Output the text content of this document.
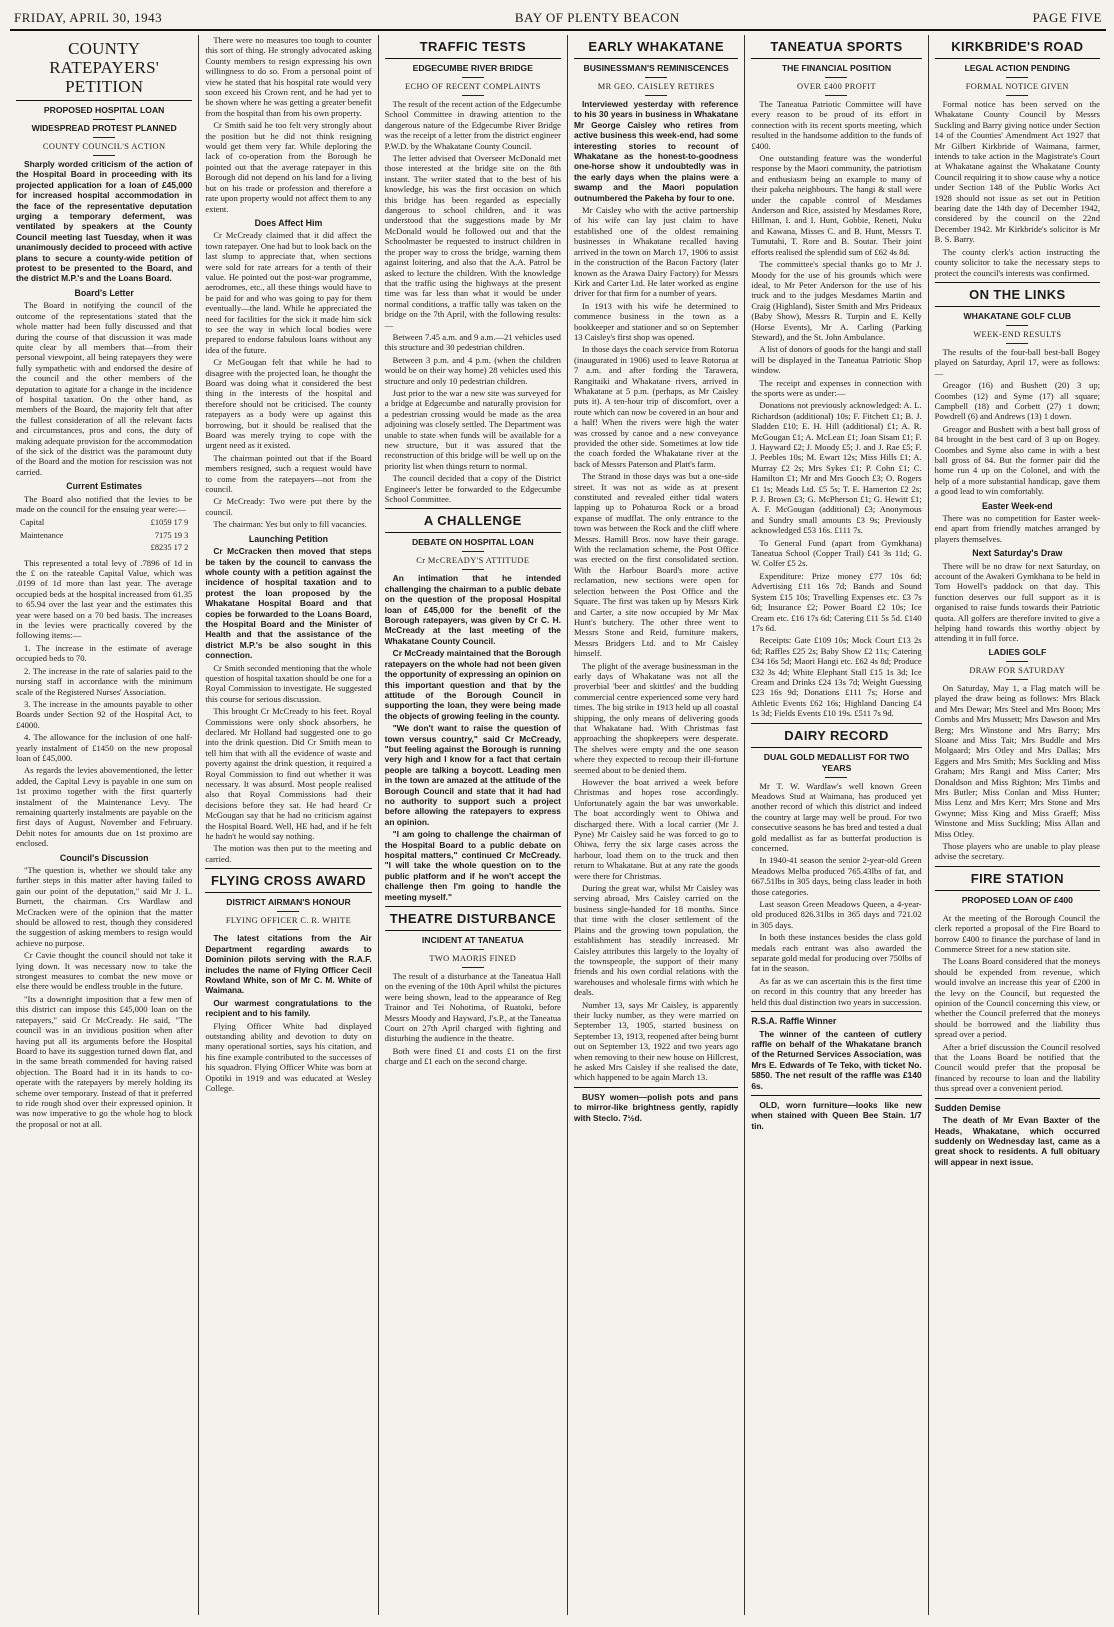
FRIDAY, APRIL 30, 1943	BAY OF PLENTY BEACON	PAGE FIVE
COUNTY RATEPAYERS' PETITION
PROPOSED HOSPITAL LOAN
WIDESPREAD PROTEST PLANNED
COUNTY COUNCIL'S ACTION

Sharply worded criticism of the action of the Hospital Board in proceeding with its projected application for a loan of £45,000 for increased hospital accommodation in the face of the representative deputation urging a temporary deferment, was ventilated by speakers at the County Council meeting last Tuesday, when it was unanimously decided to proceed with active plans to secure a county-wide petition of protest to be presented to the Board, and the district M.P.'s and the Loans Board.

Board's Letter

The Board in notifying the council of the outcome of the representations stated that the whole matter had been fully discussed and that during the course of that discussion it was made quite clear by all members that—from their personal viewpoint, all being ratepayers they were fully sympathetic with and endorsed the desire of the council and the other members of the deputation to agitate for a change in the incidence of hospital taxation. On the other hand, as members of the Board, the majority felt that after the fullest consideration of all the relevant facts and circumstances, pros and cons, the duty of making adequate provision for the accommodation of the sick of the district was the paramount duty of the Board and the motion for rescission was not carried.

Current Estimates

The Board also notified that the levies to be made on the council for the ensuing year were:—

Capital	£1059 17 9
Maintenance	7175 19 3
	£8235 17 2

This represented a total levy of .7896 of 1d in the £ on the rateable Capital Value, which was .0199 of 1d more than last year. The average occupied beds at the hospital increased from 61.35 to 65.94 over the last year and the estimates this year were based on a 70 bed basis. The increases in the levies were practically covered by the following items:—

1. The increase in the estimate of average occupied beds to 70.

2. The increase in the rate of salaries paid to the nursing staff in accordance with the minimum scale of the Registered Nurses' Association.

3. The increase in the amounts payable to other Boards under Section 92 of the Hospital Act, to £4000.

4. The allowance for the inclusion of one half-yearly instalment of £1450 on the new proposal loan of £45,000.

As regards the levies abovementioned, the letter added, the Capital Levy is payable in one sum on 1st proximo together with the first quarterly instalment of the Maintenance Levy. The remaining quarterly instalments are payable on the first days of August, November and February. Debit notes for amounts due on 1st proximo are enclosed.

Council's Discussion

"The question is, whether we should take any further steps in this matter after having failed to gain our point of the deputation," said Mr J. L. Burnett, the chairman. Crs Wardlaw and McCracken were of the opinion that the matter should be allowed to rest, though they considered the suggestion of asking members to resign would achieve no purpose.

Cr Cavie thought the council should not take it lying down. It was necessary now to take the strongest measures to combat the new move or else there would be endless trouble in the future.

"Its a downright imposition that a few men of this district can impose this £45,000 loan on the ratepayers," said Cr McCready. He said, "The council was in an invidious position when after having put all its arguments before the Hospital Board to have its suggestion turned down flat, and in the same breath commended for having raised objection. The Board had it in its hands to co-operate with the ratepayers by merely holding its scheme over temporary. Instead of that it preferred to ride rough shod over their expressed opinion. It was now imperative to go the whole hog to block the proposal or not at all.

There were no measures too tough to counter this sort of thing. He strongly advocated asking County members to resign expressing his own willingness to do so. From a personal point of view he stated that his hospital rate would very soon exceed his Crown rent, and he had yet to be shown where he was getting a greater benefit from the hospital than from his own property.

Cr Smith said he too felt very strongly about the position but he did not think resigning would get them very far. While deploring the lack of co-operation from the Borough he pointed out that the average ratepayer in this Borough did not depend on his land for a living but on his trade or profession and therefore a rate upon property would not affect them to any extent.

Does Affect Him

Cr McCready claimed that it did affect the town ratepayer. One had but to look back on the last slump to appreciate that, when sections were sold for rate arrears for a tenth of their value. He pointed out the post-war programme, aerodromes, etc., all these things would have to be paid for and who was going to pay for them eventually—the land. While he appreciated the need for facilities for the sick it made him sick to see the way in which local bodies were prepared to endorse fabulous loans without any idea of the future.

Cr McGougan felt that while he had to disagree with the projected loan, he thought the Board was doing what it considered the best thing in the interests of the hospital and therefore should not be criticised. The county ratepayers as a body were up against this borrowing, but it should be realised that the Board was merely trying to cope with the urgent need as it existed.

The chairman pointed out that if the Board members resigned, such a request would have to come from the ratepayers—not from the council.

Cr McCready: Two were put there by the council.

The chairman: Yes but only to fill vacancies.

Launching Petition

Cr McCracken then moved that steps be taken by the council to canvass the whole county with a petition against the incidence of hospital taxation and to protest the loan proposed by the Whakatane Hospital Board and that copies be forwarded to the Loans Board, the Hospital Board and the Minister of Health and that the assistance of the district M.P.'s be also sought in this connection.

Cr Smith seconded mentioning that the whole question of hospital taxation should be one for a Royal Commission to investigate. He suggested this course for serious discussion.

This brought Cr McCready to his feet. Royal Commissions were only shock absorbers, he declared. Mr Holland had suggested one to go into the drink question. Did Cr Smith mean to tell him that with all the evidence of waste and poverty against the drink question, it required a Royal Commission to find out whether it was necessary. It was absurd. Most people realised also that Royal Commissions had their decisions before they sat. He had heard Cr McGougan say that he had no criticism against the Hospital Board. Well, HE had, and if he felt he hadn't he would say nothing.

The motion was then put to the meeting and carried.

FLYING CROSS AWARD
DISTRICT AIRMAN'S HONOUR
FLYING OFFICER C. R. WHITE

The latest citations from the Air Department regarding awards to Dominion pilots serving with the R.A.F. includes the name of Flying Officer Cecil Rowland White, son of Mr C. M. White of Waimana.

Our warmest congratulations to the recipient and to his family.

Flying Officer White had displayed outstanding ability and devotion to duty on many operational sorties, says his citation, and his fine example contributed to the successes of his squadron. Flying Officer White was born at Opotiki in 1919 and was educated at Wesley College.

TRAFFIC TESTS
EDGECUMBE RIVER BRIDGE
ECHO OF RECENT COMPLAINTS

The result of the recent action of the Edgecumbe School Committee in drawing attention to the dangerous nature of the Edgecumbe River Bridge was the receipt of a letter from the district engineer P.W.D. by the Whakatane County Council.

The letter advised that Overseer McDonald met those interested at the bridge site on the 8th instant. The writer stated that to the best of his knowledge, his was the first occasion on which this bridge has been regarded as especially dangerous to school children, and it was understood that the suggestions made by Mr McDonald would be followed out and that the Schoolmaster be requested to instruct children in the proper way to cross the bridge, warning them against loitering, and also that the A.A. Patrol be asked to lecture the children. With the knowledge that the traffic using the highways at the present time was far less than what it would be under normal conditions, a traffic tally was taken on the bridge on the 7th April, with the following results:—

Between 7.45 a.m. and 9 a.m.—21 vehicles used this structure and 30 pedestrian children.

Between 3 p.m. and 4 p.m. (when the children would be on their way home) 28 vehicles used this structure and only 10 pedestrian children.

Just prior to the war a new site was surveyed for a bridge at Edgecumbe and naturally provision for a pedestrian crossing would be made as the area adjoining was closely settled. The Department was unable to state when funds will be available for a new structure, but it was assured that the reconstruction of this bridge will be well up on the priority list when things return to normal.

The council decided that a copy of the District Engineer's letter be forwarded to the Edgecumbe School Committee.

A CHALLENGE
DEBATE ON HOSPITAL LOAN
Cr McCREADY'S ATTITUDE

An intimation that he intended challenging the chairman to a public debate on the question of the proposal Hospital loan of £45,000 for the benefit of the Borough ratepayers, was given by Cr C. H. McCready at the last meeting of the Whakatane County Council.

Cr McCready maintained that the Borough ratepayers on the whole had not been given the opportunity of expressing an opinion on this important question and that by the attitude of the Borough Council in supporting the loan, they were being made the objects of growing feeling in the county.

"We don't want to raise the question of town versus country," said Cr McCready, "but feeling against the Borough is running very high and I know for a fact that certain people are talking a boycott. Leading men in the town are amazed at the attitude of the Borough Council and state that it had had no authority to support such a project before allowing the ratepayers to express an opinion.

"I am going to challenge the chairman of the Hospital Board to a public debate on hospital matters," continued Cr McCready. "I will take the whole question on to the public platform and if he won't accept the challenge then I'm going to handle the meeting myself."

THEATRE DISTURBANCE
INCIDENT AT TANEATUA
TWO MAORIS FINED

The result of a disturbance at the Taneatua Hall on the evening of the 10th April whilst the pictures were being shown, lead to the appearance of Reg Trainor and Tei Nohotima, of Ruatoki, before Messrs Moody and Hayward, J's.P., at the Taneatua Court on 27th April charged with fighting and disturbing the audience in the theatre.

Both were fined £1 and costs £1 on the first charge and £1 each on the second charge.

EARLY WHAKATANE
BUSINESSMAN'S REMINISCENCES
MR GEO. CAISLEY RETIRES

Interviewed yesterday with reference to his 30 years in business in Whakatane Mr George Caisley who retires from active business this week-end, had some interesting stories to recount of Whakatane as the honest-to-goodness one-horse show it undoubtedly was in the early days when the plains were a swamp and the Maori population outnumbered the Pakeha by four to one.

Mr Caisley who with the active partnership of his wife can lay just claim to have established one of the oldest remaining businesses in Whakatane recalled having arrived in the town on March 17, 1906 to assist in the construction of the Bacon Factory (later known as the Arawa Dairy Factory) for Messrs Kirk and Carter Ltd. He later worked as engine driver for that firm for a number of years.

In 1913 with his wife he determined to commence business in the town as a bookkeeper and stationer and so on September 13 Caisley's first shop was opened.

In those days the coach service from Rotorua (inaugurated in 1906) used to leave Rotorua at 7 a.m. and after fording the Tarawera, Rangitaiki and Whakatane rivers, arrived in Whakatane at 5 p.m. (perhaps, as Mr Caisley puts it). A ten-hour trip of discomfort, over a route which can now be covered in an hour and a half! When the rivers were high the water was crossed by canoe and a new conveyance provided the other side. Sometimes at low tide the coach forded the Whakatane river at the back of Messrs Paterson and Platt's farm.

The Strand in those days was but a one-side street. It was not as wide as at present constituted and revealed either tidal waters lapping up to Pohaturoa Rock or a broad expanse of mudflat. The only entrance to the town was between the Rock and the cliff where Messrs. Hamill Bros. now have their garage. With the reclamation scheme, the Post Office was erected on the first consolidated section. With the Harbour Board's more active reclamation, new sections were open for selection between the Post Office and the Square. The first was taken up by Messrs Kirk and Carter, a site now occupied by Mr Max Hunt's butchery. The other three went to Messrs Stone and Reid, furniture makers, Messrs Bridgers Ltd. and to Mr Caisley himself.

The plight of the average businessman in the early days of Whakatane was not all the proverbial 'beer and skittles' and the budding commercial centre experienced some very hard times. The big strike in 1913 held up all coastal shipping, the only means of delivering goods that Whakatane had. With Christmas fast approaching the shopkeepers were desperate. The shelves were empty and the one season where they expected to recoup their ill-fortune seemed about to be denied them.

However the boat arrived a week before Christmas and hopes rose accordingly. Unfortunately again the bar was unworkable. The boat accordingly went to Ohiwa and discharged there. With a local carrier (Mr J. Pyne) Mr Caisley said he was forced to go to Ohiwa, ferry the six large cases across the harbour, load them on to the truck and then return to Whakatane. But at any rate the goods were there for Christmas.

During the great war, whilst Mr Caisley was serving abroad, Mrs Caisley carried on the business single-handed for 18 months. Since that time with the closer settlement of the Plains and the growing town population, the establishment has steadily increased. Mr Caisley attributes this largely to the loyalty of the townspeople, the support of their many friends and his own cordial relations with the warehouses and wholesale firms with which he deals.

Number 13, says Mr Caisley, is apparently their lucky number, as they were married on September 13, 1905, started business on September 13, 1913, reopened after being burnt out on September 13, 1922 and two years ago when removing to their new house on Hillcrest, he asked Mrs Caisley if she realised the date, which happened to be again March 13.

BUSY women—polish pots and pans to mirror-like brightness gently, rapidly with Steclo. 7½d.

TANEATUA SPORTS
THE FINANCIAL POSITION
OVER £400 PROFIT

The Taneatua Patriotic Committee will have every reason to be proud of its effort in connection with its recent sports meeting, which resulted in the handsome addition to the funds of £400.

One outstanding feature was the wonderful response by the Maori community, the patriotism and enthusiasm being an example to many of their pakeha neighbours. The hangi & stall were under the capable control of Mesdames Anderson and Rice, assisted by Mesdames Rore, Hillman, I. and I. Hunt, Gobbie, Reneti, Nuku and Kawana, Misses C. and B. Hunt, Messrs T. Tumutahi, T. Rore and B. Soutar. Their joint efforts realised the splendid sum of £62 4s 8d.

The committee's special thanks go to Mr J. Moody for the use of his grounds which were ideal, to Mr Peter Anderson for the use of his truck and to the judges Mesdames Martin and Craig (Highland), Sister Smith and Mrs Prideaux (Baby Show), Messrs R. Turpin and E. Kelly (Horse Events), Mr A. Carling (Parking Steward), and the St. John Ambulance.

A list of donors of goods for the hangi and stall will be displayed in the Taneatua Patriotic Shop window.

The receipt and expenses in connection with the sports were as under:—

Donations not previously acknowledged: A. L. Richardson (additional) 10s; F. Fitchett £1; B. J. Sladden £10; E. H. Hill (additional) £1; A. R. McGougan £1; A. McLean £1; Joan Sisam £1; F. J. Hayward £2; J. Moody £5; J. and J. Rae £5; F. J. Peebles 10s; M. Ewart 12s; Miss Hills £1; A. Murray £2 2s; Mrs Sykes £1; P. Cohn £1; C. Hamilton £1; Mr and Mrs Gooch £3; O. Rogers £1 1s; Meads Ltd. £5 5s; T. E. Hamerton £2 2s; P. J. Brown £3; G. McPherson £1; G. Hewitt £1; A. F. McGougan (additional) £3; Anonymous and Sundry small amounts £3 9s; Previously acknowledged £53 16s. £111 7s.

To General Fund (apart from Gymkhana) Taneatua School (Copper Trail) £41 3s 11d; G. W. Colfer £5 2s.

Expenditure: Prize money £77 10s 6d; Advertising £11 16s 7d; Bands and Sound System £15 10s; Travelling Expenses etc. £3 7s 6d; Insurance £2; Power Board £2 10s; Ice Cream etc. £16 17s 6d; Catering £11 5s 5d. £140 17s 6d.

Receipts: Gate £109 10s; Mock Court £13 2s 6d; Raffles £25 2s; Baby Show £2 11s; Catering £34 16s 5d; Maori Hangi etc. £62 4s 8d; Produce £32 3s 4d; White Elephant Stall £15 1s 3d; Ice Cream and Drinks £24 13s 7d; Weight Guessing £23 16s 9d; Donations £111 7s; Horse and Athletic Events £62 16s; Highland Dancing £4 1s 3d; Fields Events £10 19s. £511 7s 9d.

DAIRY RECORD
DUAL GOLD MEDALLIST FOR TWO YEARS

Mr T. W. Wardlaw's well known Green Meadows Stud at Waimana, has produced yet another record of which this district and indeed the country at large may well be proud. For two consecutive seasons he has bred and tested a dual gold medallist as far as butterfat production is concerned.

In 1940-41 season the senior 2-year-old Green Meadows Melba produced 765.43lbs of fat, and 667.51lbs in 305 days, being class leader in both those categories.

Last season Green Meadows Queen, a 4-year-old produced 826.31lbs in 365 days and 721.02 in 305 days.

In both these instances besides the class gold medals each entrant was also awarded the separate gold medal for producing over 750lbs of fat in the season.

As far as we can ascertain this is the first time on record in this country that any breeder has held this dual distinction two years in succession.

R.S.A. Raffle Winner

The winner of the canteen of cutlery raffle on behalf of the Whakatane branch of the Returned Services Association, was Mrs E. Edwards of Te Teko, with ticket No. 5850. The net result of the raffle was £140 6s.

OLD, worn furniture—looks like new when stained with Queen Bee Stain. 1/7 tin.

KIRKBRIDE'S ROAD
LEGAL ACTION PENDING
FORMAL NOTICE GIVEN

Formal notice has been served on the Whakatane County Council by Messrs Suckling and Barry giving notice under Section 14 of the Counties' Amendment Act 1927 that Mr Gilbert Kirkbride of Waimana, farmer, intends to take action in the Magistrate's Court at Whakatane against the Whakatane County Council requiring it to show cause why a notice under Section 148 of the Public Works Act 1928 should not issue as set out in Petition bearing date the 14th day of December 1942, considered by the council on the 22nd December 1942. Mr Kirkbride's solicitor is Mr B. S. Barry.

The county clerk's action instructing the county solicitor to take the necessary steps to protect the council's interests was confirmed.

ON THE LINKS
WHAKATANE GOLF CLUB
WEEK-END RESULTS

The results of the four-ball best-ball Bogey played on Saturday, April 17, were as follows:—

Greagor (16) and Bushett (20) 3 up; Coombes (12) and Syme (17) all square; Campbell (18) and Corbett (27) 1 down; Powdrell (6) and Andrews (13) 1 down.

Greagor and Bushett with a best ball gross of 84 brought in the best card of 3 up on Bogey. Coombes and Syme also came in with a best ball gross of 84. But the former pair did the home run 4 up on the Colonel, and with the help of a more substantial handicap, gave them a good lead to win comfortably.

Easter Week-end

There was no competition for Easter week-end apart from friendly matches arranged by players themselves.

Next Saturday's Draw

There will be no draw for next Saturday, on account of the Awakeri Gymkhana to be held in Tom Howell's paddock on that day. This function deserves our full support as it is organised to raise funds towards their Patriotic quota. All golfers are therefore invited to give a helping hand towards this worthy object by attending it in full force.

LADIES GOLF
DRAW FOR SATURDAY

On Saturday, May 1, a Flag match will be played the draw being as follows: Mrs Black and Mrs Dewar; Mrs Steel and Mrs Boon; Mrs Combs and Mrs Mussett; Mrs Dawson and Mrs Berg; Mrs Winstone and Mrs Barry; Mrs Sloane and Miss Tait; Mrs Buddle and Mrs Molgaard; Mrs Otley and Mrs Dallas; Mrs Eggers and Mrs Smith; Mrs Suckling and Miss Graham; Mrs Rangi and Miss Carter; Mrs Donaldson and Miss Righton; Mrs Timbs and Mrs Butler; Miss Conlan and Miss Hunter; Miss Lenz and Mrs Kerr; Mrs Stone and Mrs Gwynne; Miss King and Miss Graeff; Miss Winstone and Miss Suckling; Miss Allan and Miss Otley.

Those players who are unable to play please advise the secretary.

FIRE STATION
PROPOSED LOAN OF £400

At the meeting of the Borough Council the clerk reported a proposal of the Fire Board to borrow £400 to finance the purchase of land in Commerce Street for a new station site.

The Loans Board considered that the moneys should be expended from revenue, which would involve an increase this year of £200 in the levy on the Council, but requested the opinion of the Council concerning this view, or whether the Council preferred that the moneys should be borrowed and the liability thus spread over a period.

After a brief discussion the Council resolved that the Loans Board be notified that the Council would prefer that the proposal be financed by recourse to loan and the liability thus spread over a convenient period.

Sudden Demise

The death of Mr Evan Baxter of the Heads, Whakatane, which occurred suddenly on Wednesday last, came as a great shock to residents. A full obituary will appear in next issue.
